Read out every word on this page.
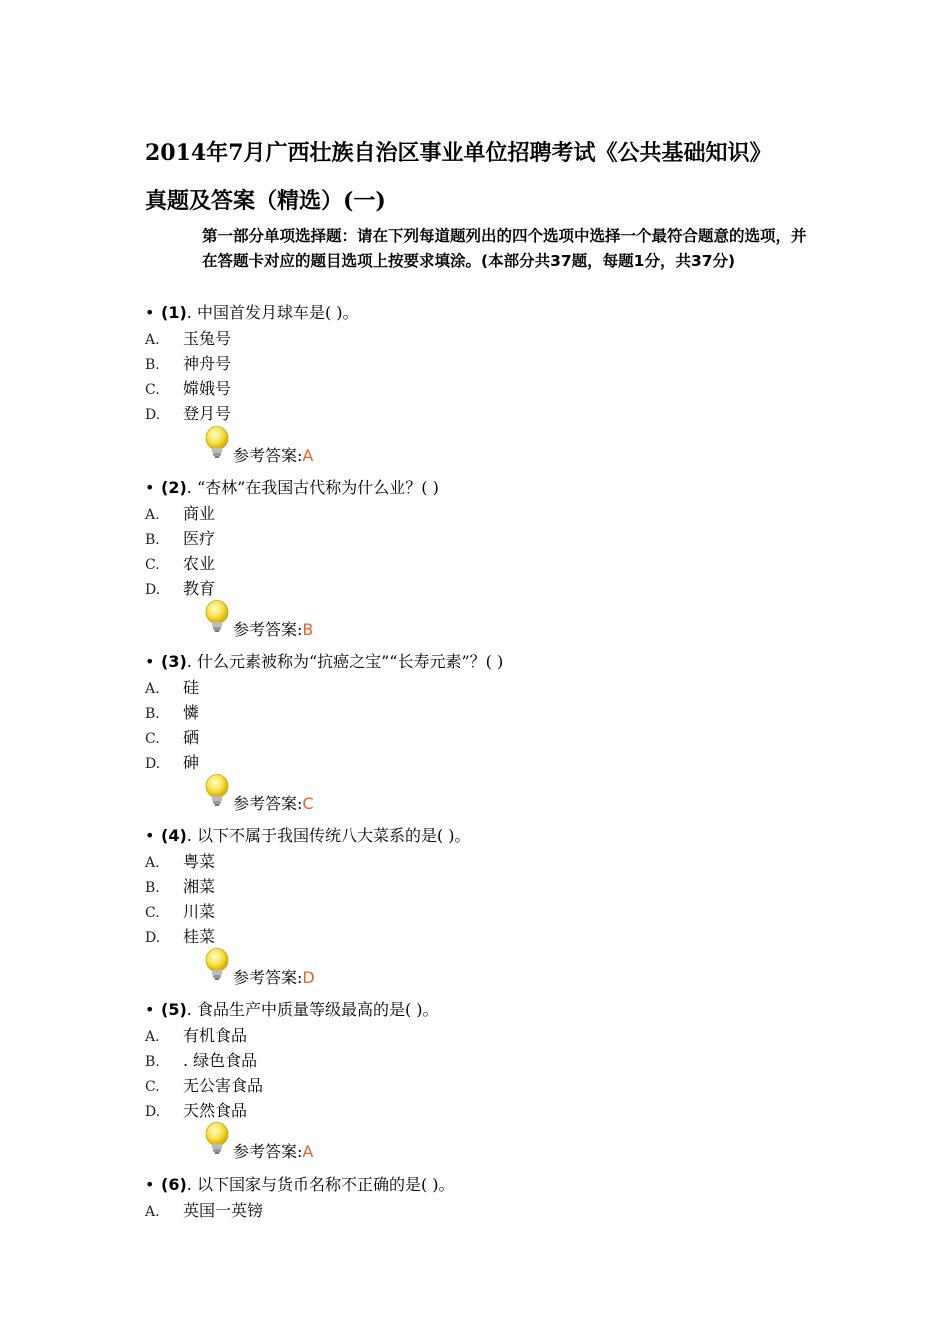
2014年7月广西壮族自治区事业单位招聘考试《公共基础知识》
真题及答案（精选）(一)
第一部分单项选择题：请在下列每道题列出的四个选项中选择一个最符合题意的选项，并在答题卡对应的题目选项上按要求填涂。(本部分共37题，每题1分，共37分)
• (1). 中国首发月球车是( )。
A. 玉兔号
B. 神舟号
C. 嫦娥号
D. 登月号
参考答案:A
• (2). “杏林”在我国古代称为什么业？( )
A. 商业
B. 医疗
C. 农业
D. 教育
参考答案:B
• (3). 什么元素被称为“抗癌之宝”“长寿元素”？( )
A. 硅
B. 憐
C. 硒
D. 砷
参考答案:C
• (4). 以下不属于我国传统八大菜系的是( )。
A. 粤菜
B. 湘菜
C. 川菜
D. 桂菜
参考答案:D
• (5). 食品生产中质量等级最高的是( )。
A. 有机食品
B. . 绿色食品
C. 无公害食品
D. 天然食品
参考答案:A
• (6). 以下国家与货币名称不正确的是( )。
A. 英国一英镑
